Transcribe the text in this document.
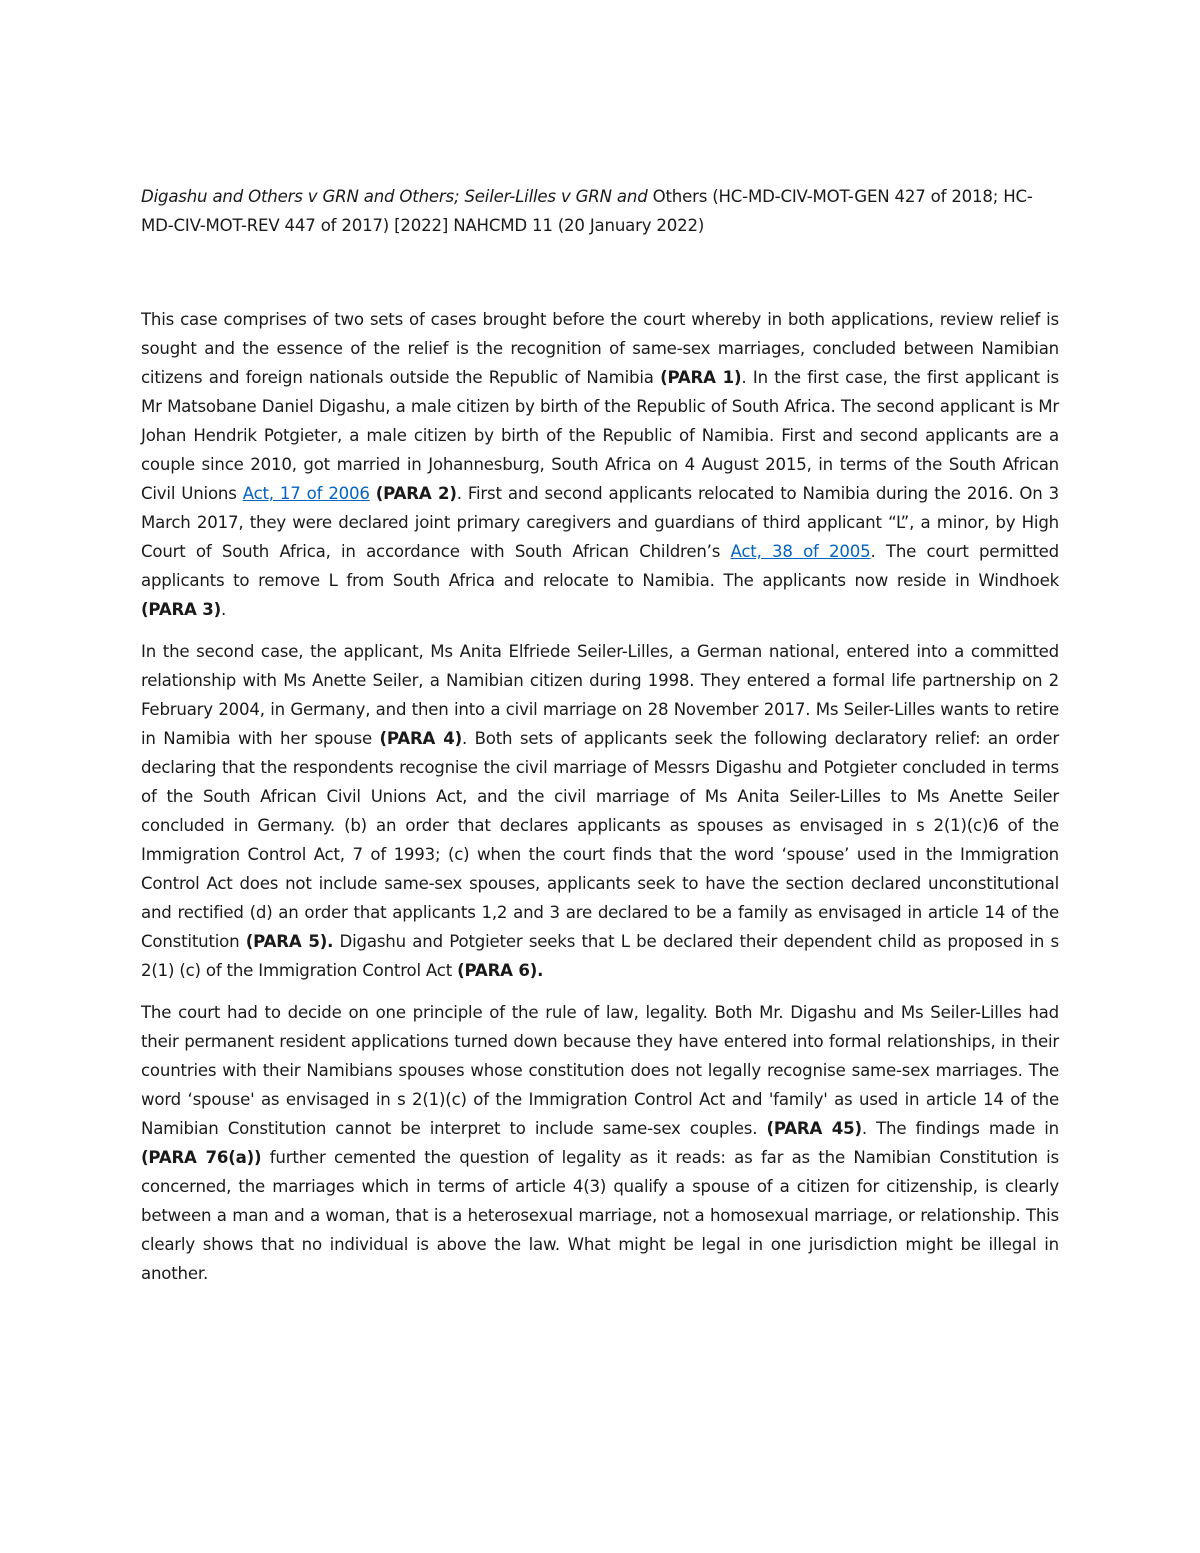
Digashu and Others v GRN and Others; Seiler-Lilles v GRN and Others (HC-MD-CIV-MOT-GEN 427 of 2018; HC-MD-CIV-MOT-REV 447 of 2017) [2022] NAHCMD 11 (20 January 2022)

This case comprises of two sets of cases brought before the court whereby in both applications, review relief is sought and the essence of the relief is the recognition of same-sex marriages, concluded between Namibian citizens and foreign nationals outside the Republic of Namibia (PARA 1). In the first case, the first applicant is Mr Matsobane Daniel Digashu, a male citizen by birth of the Republic of South Africa. The second applicant is Mr Johan Hendrik Potgieter, a male citizen by birth of the Republic of Namibia. First and second applicants are a couple since 2010, got married in Johannesburg, South Africa on 4 August 2015, in terms of the South African Civil Unions Act, 17 of 2006 (PARA 2). First and second applicants relocated to Namibia during the 2016. On 3 March 2017, they were declared joint primary caregivers and guardians of third applicant “L”, a minor, by High Court of South Africa, in accordance with South African Children’s Act, 38 of 2005. The court permitted applicants to remove L from South Africa and relocate to Namibia. The applicants now reside in Windhoek (PARA 3).

In the second case, the applicant, Ms Anita Elfriede Seiler-Lilles, a German national, entered into a committed relationship with Ms Anette Seiler, a Namibian citizen during 1998. They entered a formal life partnership on 2 February 2004, in Germany, and then into a civil marriage on 28 November 2017. Ms Seiler-Lilles wants to retire in Namibia with her spouse (PARA 4). Both sets of applicants seek the following declaratory relief: an order declaring that the respondents recognise the civil marriage of Messrs Digashu and Potgieter concluded in terms of the South African Civil Unions Act, and the civil marriage of Ms Anita Seiler-Lilles to Ms Anette Seiler concluded in Germany. (b) an order that declares applicants as spouses as envisaged in s 2(1)(c)6 of the Immigration Control Act, 7 of 1993; (c) when the court finds that the word ‘spouse’ used in the Immigration Control Act does not include same-sex spouses, applicants seek to have the section declared unconstitutional and rectified (d) an order that applicants 1,2 and 3 are declared to be a family as envisaged in article 14 of the Constitution (PARA 5). Digashu and Potgieter seeks that L be declared their dependent child as proposed in s 2(1) (c) of the Immigration Control Act (PARA 6).

The court had to decide on one principle of the rule of law, legality. Both Mr. Digashu and Ms Seiler-Lilles had their permanent resident applications turned down because they have entered into formal relationships, in their countries with their Namibians spouses whose constitution does not legally recognise same-sex marriages. The word ‘spouse' as envisaged in s 2(1)(c) of the Immigration Control Act and 'family' as used in article 14 of the Namibian Constitution cannot be interpret to include same-sex couples. (PARA 45). The findings made in (PARA 76(a)) further cemented the question of legality as it reads: as far as the Namibian Constitution is concerned, the marriages which in terms of article 4(3) qualify a spouse of a citizen for citizenship, is clearly between a man and a woman, that is a heterosexual marriage, not a homosexual marriage, or relationship. This clearly shows that no individual is above the law. What might be legal in one jurisdiction might be illegal in another.
